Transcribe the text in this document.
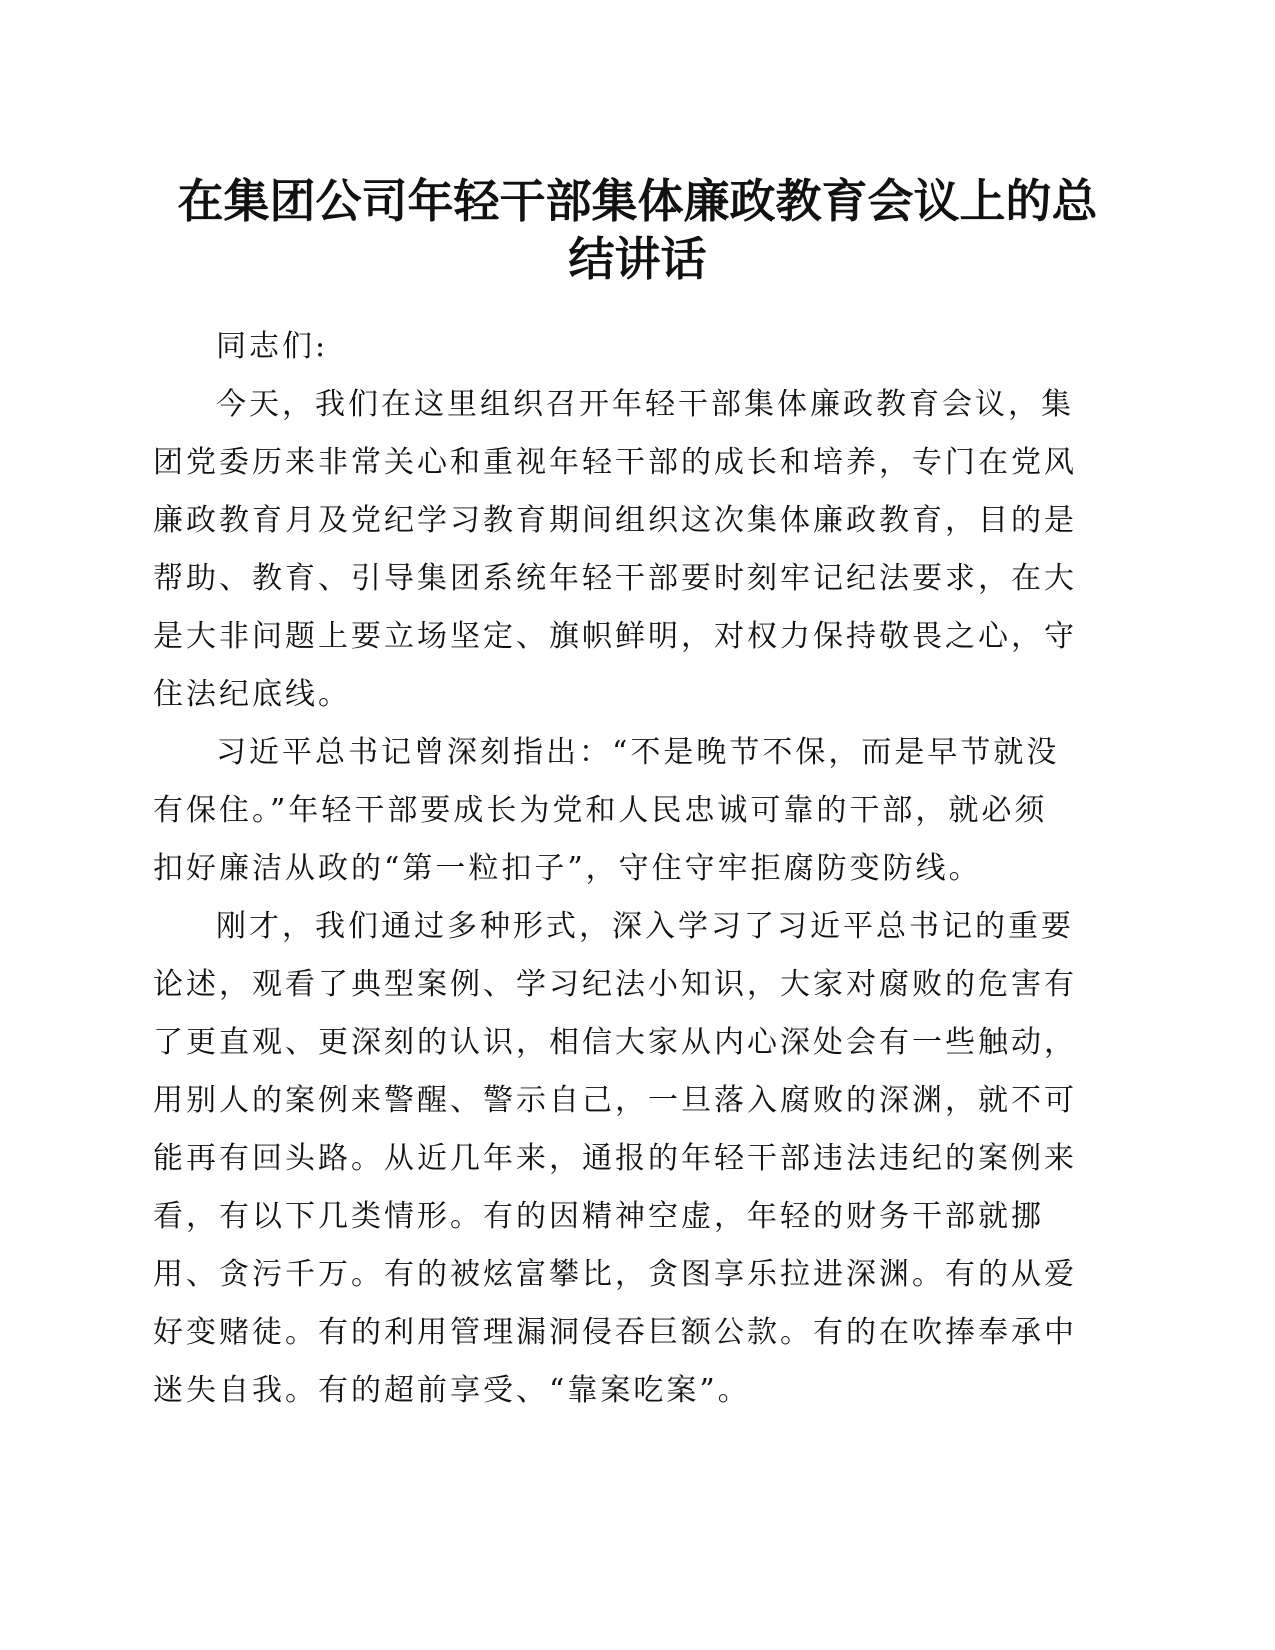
在集团公司年轻干部集体廉政教育会议上的总
结讲话
同志们:
今天，我们在这里组织召开年轻干部集体廉政教育会议，集
团党委历来非常关心和重视年轻干部的成长和培养，专门在党风
廉政教育月及党纪学习教育期间组织这次集体廉政教育，目的是
帮助、教育、引导集团系统年轻干部要时刻牢记纪法要求，在大
是大非问题上要立场坚定、旗帜鲜明，对权力保持敬畏之心，守
住法纪底线。
习近平总书记曾深刻指出：“不是晚节不保，而是早节就没
有保住。”年轻干部要成长为党和人民忠诚可靠的干部，就必须
扣好廉洁从政的“第一粒扣子”，守住守牢拒腐防变防线。
刚才，我们通过多种形式，深入学习了习近平总书记的重要
论述，观看了典型案例、学习纪法小知识，大家对腐败的危害有
了更直观、更深刻的认识，相信大家从内心深处会有一些触动，
用别人的案例来警醒、警示自己，一旦落入腐败的深渊，就不可
能再有回头路。从近几年来，通报的年轻干部违法违纪的案例来
看，有以下几类情形。有的因精神空虚，年轻的财务干部就挪
用、贪污千万。有的被炫富攀比，贪图享乐拉进深渊。有的从爱
好变赌徒。有的利用管理漏洞侵吞巨额公款。有的在吹捧奉承中
迷失自我。有的超前享受、“靠案吃案”。
